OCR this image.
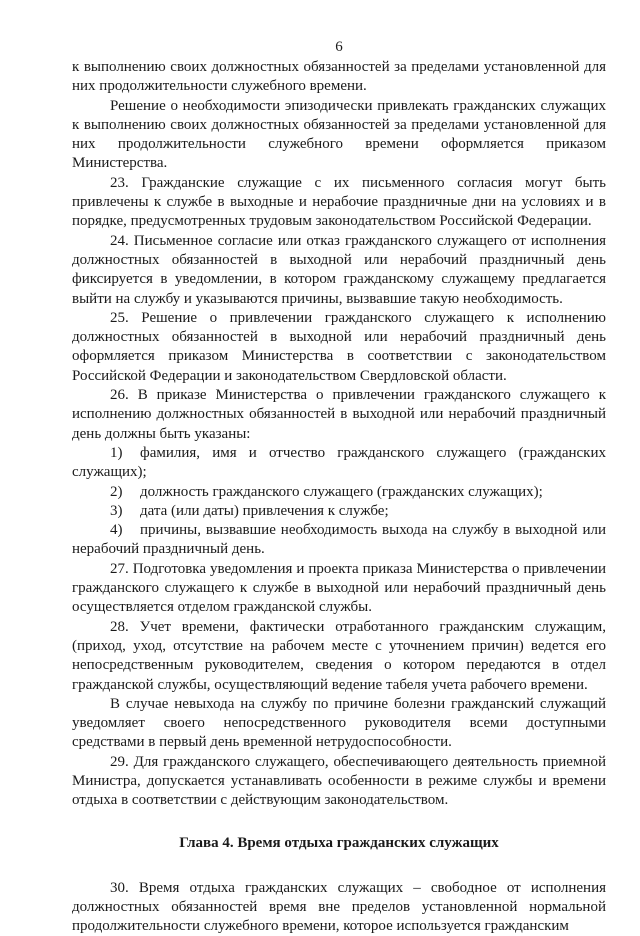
6

к выполнению своих должностных обязанностей за пределами установленной для них продолжительности служебного времени.

Решение о необходимости эпизодически привлекать гражданских служащих к выполнению своих должностных обязанностей за пределами установленной для них продолжительности служебного времени оформляется приказом Министерства.

23. Гражданские служащие с их письменного согласия могут быть привлечены к службе в выходные и нерабочие праздничные дни на условиях и в порядке, предусмотренных трудовым законодательством Российской Федерации.

24. Письменное согласие или отказ гражданского служащего от исполнения должностных обязанностей в выходной или нерабочий праздничный день фиксируется в уведомлении, в котором гражданскому служащему предлагается выйти на службу и указываются причины, вызвавшие такую необходимость.

25. Решение о привлечении гражданского служащего к исполнению должностных обязанностей в выходной или нерабочий праздничный день оформляется приказом Министерства в соответствии с законодательством Российской Федерации и законодательством Свердловской области.

26. В приказе Министерства о привлечении гражданского служащего к исполнению должностных обязанностей в выходной или нерабочий праздничный день должны быть указаны:

1) фамилия, имя и отчество гражданского служащего (гражданских служащих);

2) должность гражданского служащего (гражданских служащих);

3) дата (или даты) привлечения к службе;

4) причины, вызвавшие необходимость выхода на службу в выходной или нерабочий праздничный день.

27. Подготовка уведомления и проекта приказа Министерства о привлечении гражданского служащего к службе в выходной или нерабочий праздничный день осуществляется отделом гражданской службы.

28. Учет времени, фактически отработанного гражданским служащим, (приход, уход, отсутствие на рабочем месте с уточнением причин) ведется его непосредственным руководителем, сведения о котором передаются в отдел гражданской службы, осуществляющий ведение табеля учета рабочего времени.

В случае невыхода на службу по причине болезни гражданский служащий уведомляет своего непосредственного руководителя всеми доступными средствами в первый день временной нетрудоспособности.

29. Для гражданского служащего, обеспечивающего деятельность приемной Министра, допускается устанавливать особенности в режиме службы и времени отдыха в соответствии с действующим законодательством.

Глава 4. Время отдыха гражданских служащих

30. Время отдыха гражданских служащих – свободное от исполнения должностных обязанностей время вне пределов установленной нормальной продолжительности служебного времени, которое используется гражданским
